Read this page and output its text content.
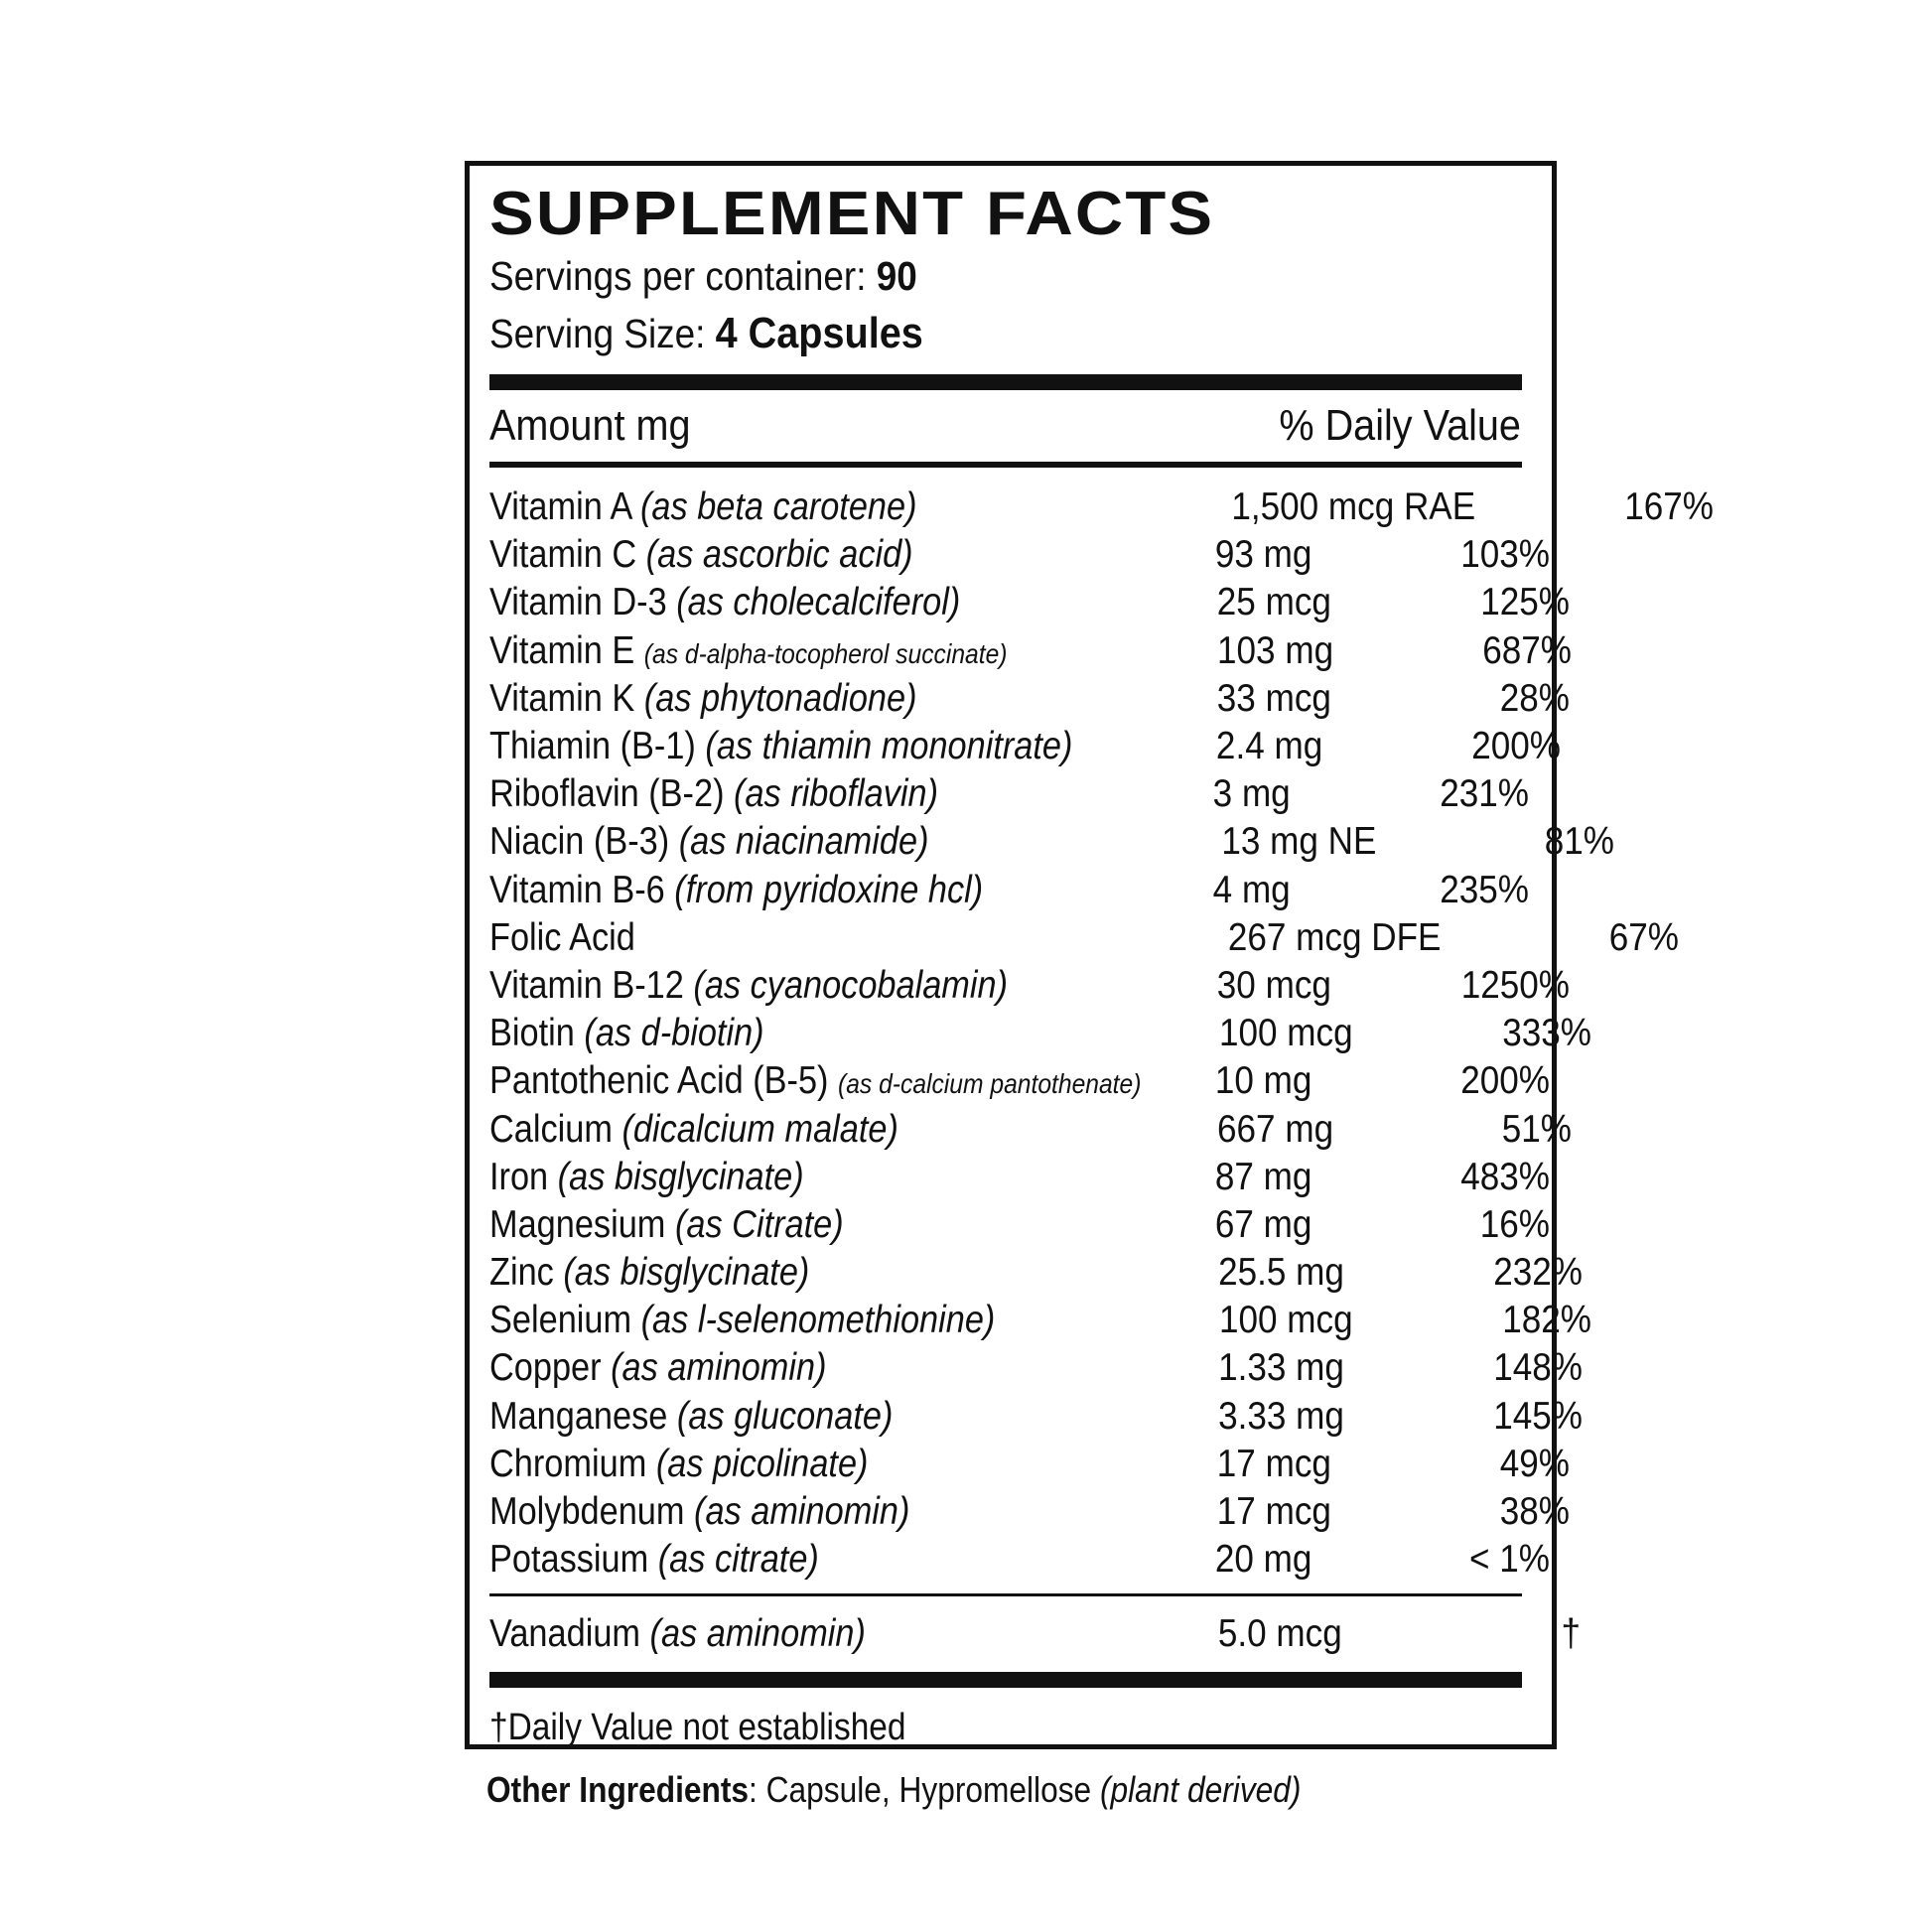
SUPPLEMENT FACTS
Servings per container: 90
Serving Size: 4 Capsules
Amount mg	% Daily Value
Vitamin A (as beta carotene)	1,500 mcg RAE	167%
Vitamin C (as ascorbic acid)	93 mg	103%
Vitamin D-3 (as cholecalciferol)	25 mcg	125%
Vitamin E (as d-alpha-tocopherol succinate)	103 mg	687%
Vitamin K (as phytonadione)	33 mcg	28%
Thiamin (B-1) (as thiamin mononitrate)	2.4 mg	200%
Riboflavin (B-2) (as riboflavin)	3 mg	231%
Niacin (B-3) (as niacinamide)	13 mg NE	81%
Vitamin B-6 (from pyridoxine hcl)	4 mg	235%
Folic Acid	267 mcg DFE	67%
Vitamin B-12 (as cyanocobalamin)	30 mcg	1250%
Biotin (as d-biotin)	100 mcg	333%
Pantothenic Acid (B-5) (as d-calcium pantothenate) 10 mg	200%
Calcium (dicalcium malate)	667 mg	51%
Iron (as bisglycinate)	87 mg	483%
Magnesium (as Citrate)	67 mg	16%
Zinc (as bisglycinate)	25.5 mg	232%
Selenium (as l-selenomethionine)	100 mcg	182%
Copper (as aminomin)	1.33 mg	148%
Manganese (as gluconate)	3.33 mg	145%
Chromium (as picolinate)	17 mcg	49%
Molybdenum (as aminomin)	17 mcg	38%
Potassium (as citrate)	20 mg	< 1%
Vanadium (as aminomin)	5.0 mcg	†
†Daily Value not established
Other Ingredients: Capsule, Hypromellose (plant derived)
